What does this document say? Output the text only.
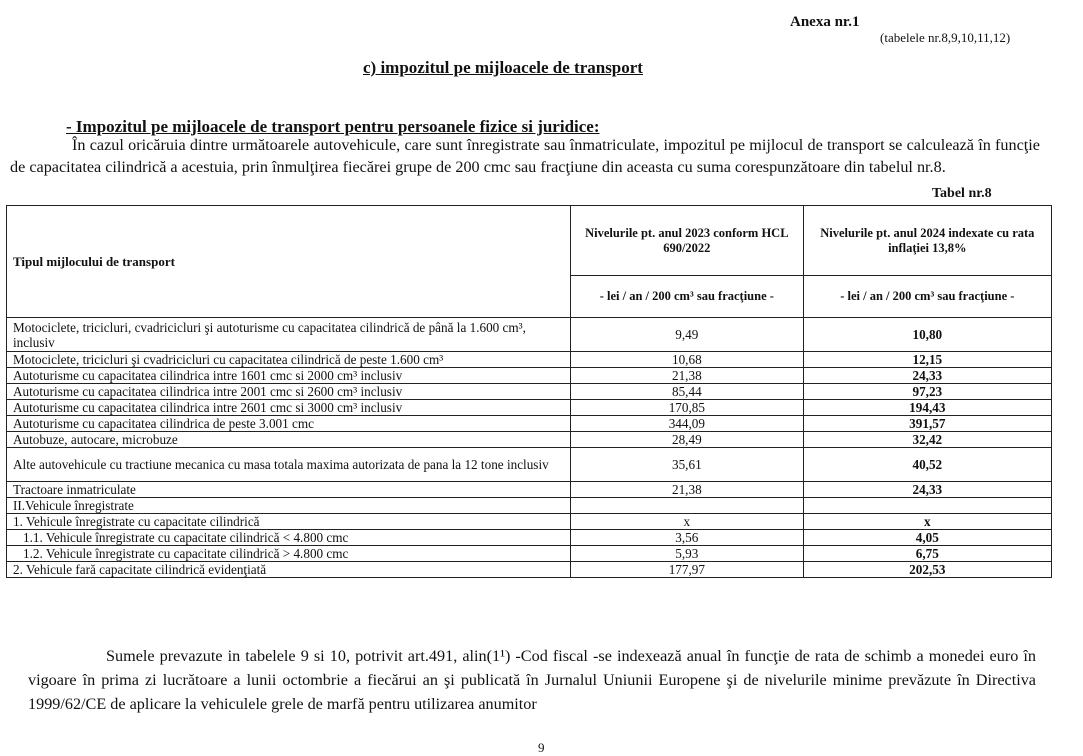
Anexa nr.1
(tabelele nr.8,9,10,11,12)
c) impozitul pe mijloacele de transport
- Impozitul pe mijloacele de transport pentru persoanele fizice si juridice:
În cazul oricăruia dintre următoarele autovehicule, care sunt înregistrate sau înmatriculate, impozitul pe mijlocul de transport se calculează în funcţie de capacitatea cilindrică a acestuia, prin înmulţirea fiecărei grupe de 200 cmc sau fracţiune din aceasta cu suma corespunzătoare din tabelul nr.8.
Tabel nr.8
Tipul mijlocului de transport	Nivelurile pt. anul 2023 conform HCL 690/2022	Nivelurile pt. anul 2024 indexate cu rata inflaţiei 13,8%
	- lei / an / 200 cm³ sau fracţiune -	- lei / an / 200 cm³ sau fracţiune -
Motociclete, tricicluri, cvadricicluri şi autoturisme cu capacitatea cilindrică de până la 1.600 cm³, inclusiv	9,49	10,80
Motociclete, tricicluri şi cvadricicluri cu capacitatea cilindrică de peste 1.600 cm³	10,68	12,15
Autoturisme cu capacitatea cilindrica intre 1601 cmc si 2000 cm³ inclusiv	21,38	24,33
Autoturisme cu capacitatea cilindrica intre 2001 cmc si 2600 cm³ inclusiv	85,44	97,23
Autoturisme cu capacitatea cilindrica intre 2601 cmc si 3000 cm³ inclusiv	170,85	194,43
Autoturisme cu capacitatea cilindrica de peste 3.001 cmc	344,09	391,57
Autobuze, autocare, microbuze	28,49	32,42
Alte autovehicule cu tractiune mecanica cu masa totala maxima autorizata de pana la 12 tone inclusiv	35,61	40,52
Tractoare inmatriculate	21,38	24,33
II.Vehicule înregistrate		
1. Vehicule înregistrate cu capacitate cilindrică	x	x
1.1. Vehicule înregistrate cu capacitate cilindrică < 4.800 cmc	3,56	4,05
1.2. Vehicule înregistrate cu capacitate cilindrică > 4.800 cmc	5,93	6,75
2. Vehicule fară capacitate cilindrică evidenţiată	177,97	202,53
Sumele prevazute in tabelele 9 si 10, potrivit art.491, alin(1¹) -Cod fiscal -se indexează anual în funcţie de rata de schimb a monedei euro în vigoare în prima zi lucrătoare a lunii octombrie a fiecărui an şi publicată în Jurnalul Uniunii Europene şi de nivelurile minime prevăzute în Directiva 1999/62/CE de aplicare la vehiculele grele de marfă pentru utilizarea anumitor
9
